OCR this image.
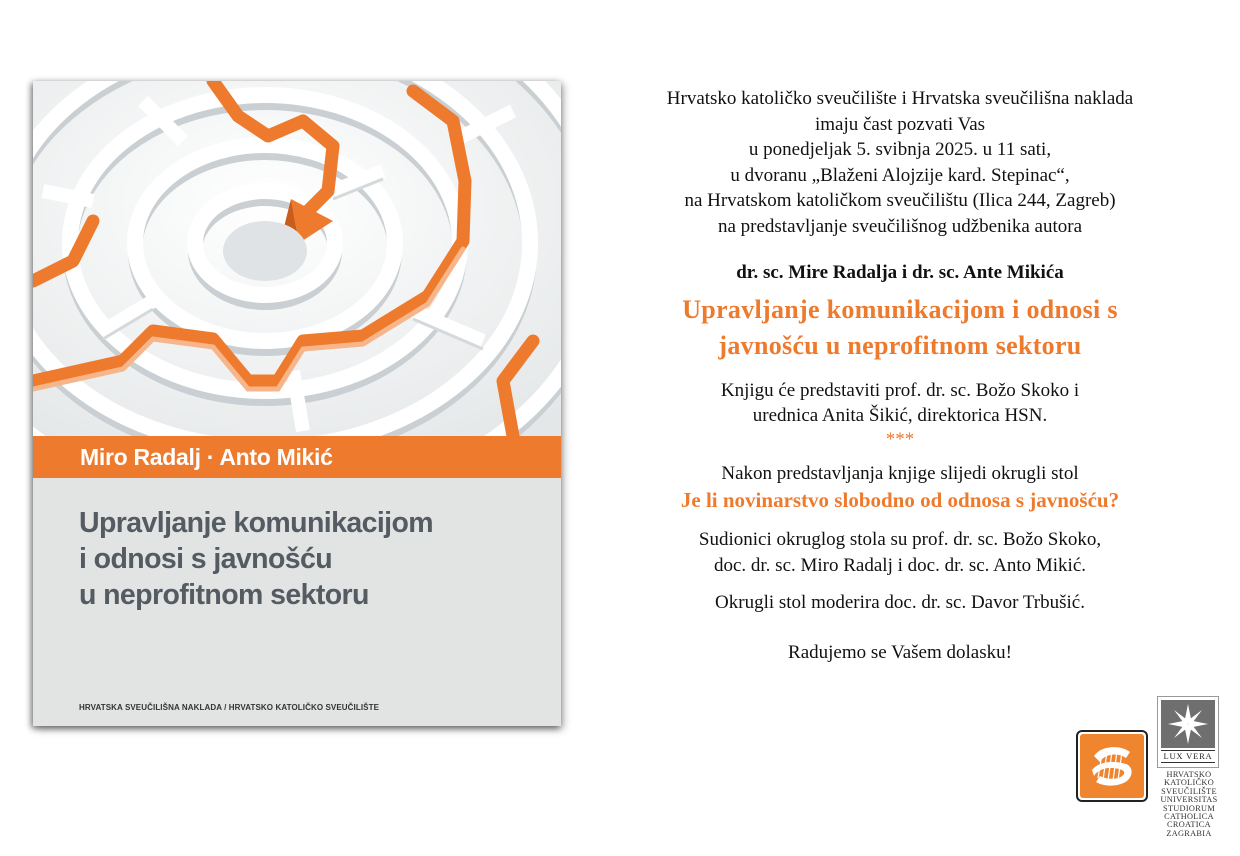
Miro Radalj · Anto Mikić
Upravljanje komunikacijom
i odnosi s javnošću
u neprofitnom sektoru
HRVATSKA SVEUČILIŠNA NAKLADA / HRVATSKO KATOLIČKO SVEUČILIŠTE
Hrvatsko katoličko sveučilište i Hrvatska sveučilišna naklada
imaju čast pozvati Vas
u ponedjeljak 5. svibnja 2025. u 11 sati,
u dvoranu „Blaženi Alojzije kard. Stepinac“,
na Hrvatskom katoličkom sveučilištu (Ilica 244, Zagreb)
na predstavljanje sveučilišnog udžbenika autora
dr. sc. Mire Radalja i dr. sc. Ante Mikića
Upravljanje komunikacijom i odnosi s
javnošću u neprofitnom sektoru
Knjigu će predstaviti prof. dr. sc. Božo Skoko i
urednica Anita Šikić, direktorica HSN.
***
Nakon predstavljanja knjige slijedi okrugli stol
Je li novinarstvo slobodno od odnosa s javnošću?
Sudionici okruglog stola su prof. dr. sc. Božo Skoko,
doc. dr. sc. Miro Radalj i doc. dr. sc. Anto Mikić.
Okrugli stol moderira doc. dr. sc. Davor Trbušić.
Radujemo se Vašem dolasku!
LUX VERA
HRVATSKO
KATOLIČKO
SVEUČILIŠTE
UNIVERSITAS
STUDIORUM
CATHOLICA
CROATICA
ZAGRABIA
